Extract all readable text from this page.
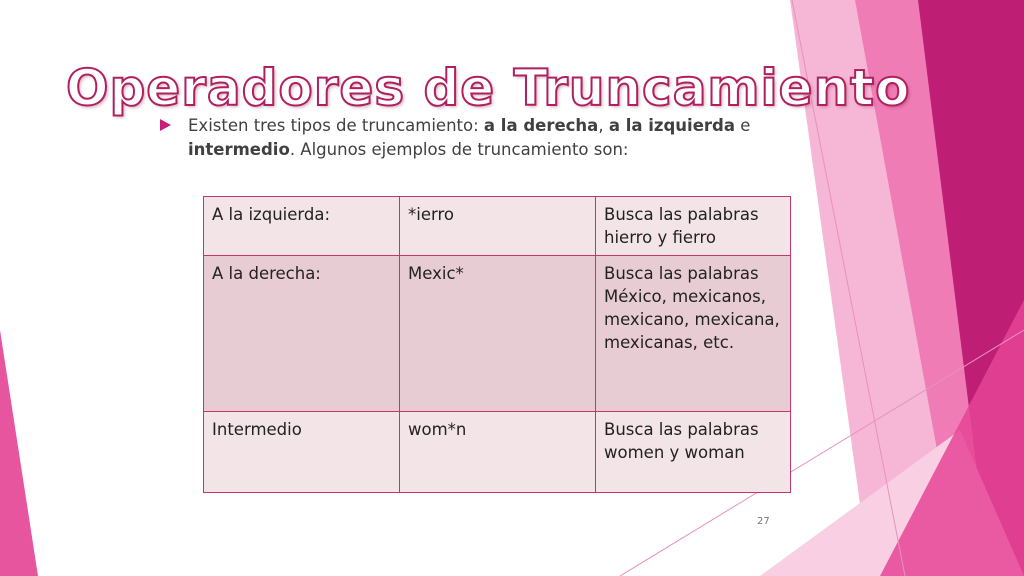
Operadores de Truncamiento

Existen tres tipos de truncamiento: a la derecha, a la izquierda e intermedio. Algunos ejemplos de truncamiento son:

A la izquierda:	*ierro	Busca las palabras hierro y fierro
A la derecha:	Mexic*	Busca las palabras México, mexicanos, mexicano, mexicana, mexicanas, etc.
Intermedio	wom*n	Busca las palabras women y woman
27
